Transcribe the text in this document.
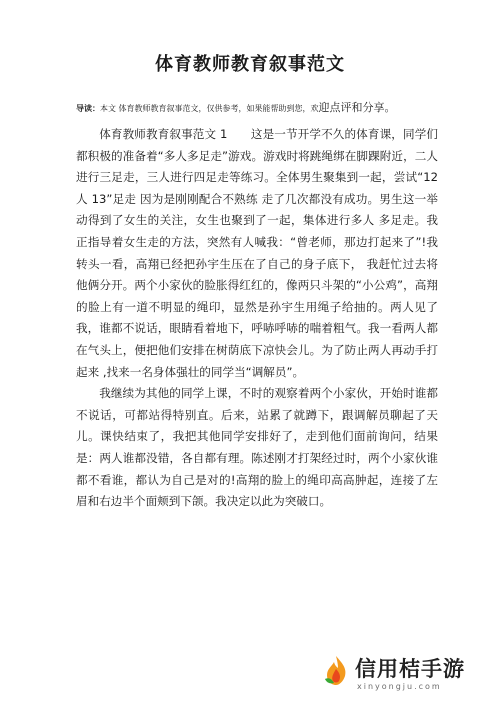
体育教师教育叙事范文
导读：本文 体育教师教育叙事范文，仅供参考，如果能帮助到您，欢迎点评和分享。

体育教师教育叙事范文 1　　这是一节开学不久的体育课，同学们都积极的准备着“多人多足走”游戏。游戏时将跳绳绑在脚踝附近，二人进行三足走，三人进行四足走等练习。全体男生聚集到一起，尝试“12 人 13”足走 因为是刚刚配合不熟练 走了几次都没有成功。男生这一举动得到了女生的关注，女生也聚到了一起，集体进行多人 多足走。我正指导着女生走的方法，突然有人喊我：“曾老师，那边打起来了”!我转头一看，高翔已经把孙宇生压在了自己的身子底下， 我赶忙过去将他俩分开。两个小家伙的脸胀得红红的，像两只斗架的“小公鸡”，高翔的脸上有一道不明显的绳印，显然是孙宇生用绳子给抽的。两人见了我，谁都不说话，眼睛看着地下，呼哧呼哧的喘着粗气。我一看两人都在气头上，便把他们安排在树荫底下凉快会儿。为了防止两人再动手打起来 ,找来一名身体强壮的同学当“调解员”。

我继续为其他的同学上课，不时的观察着两个小家伙，开始时谁都不说话，可都站得特别直。后来，站累了就蹲下，跟调解员聊起了天儿。课快结束了，我把其他同学安排好了，走到他们面前询问，结果是：两人谁都没错，各自都有理。陈述刚才打架经过时，两个小家伙谁都不看谁，都认为自己是对的!高翔的脸上的绳印高高肿起，连接了左眉和右边半个面颊到下颌。我决定以此为突破口。

信用桔手游
xinyongju.com
